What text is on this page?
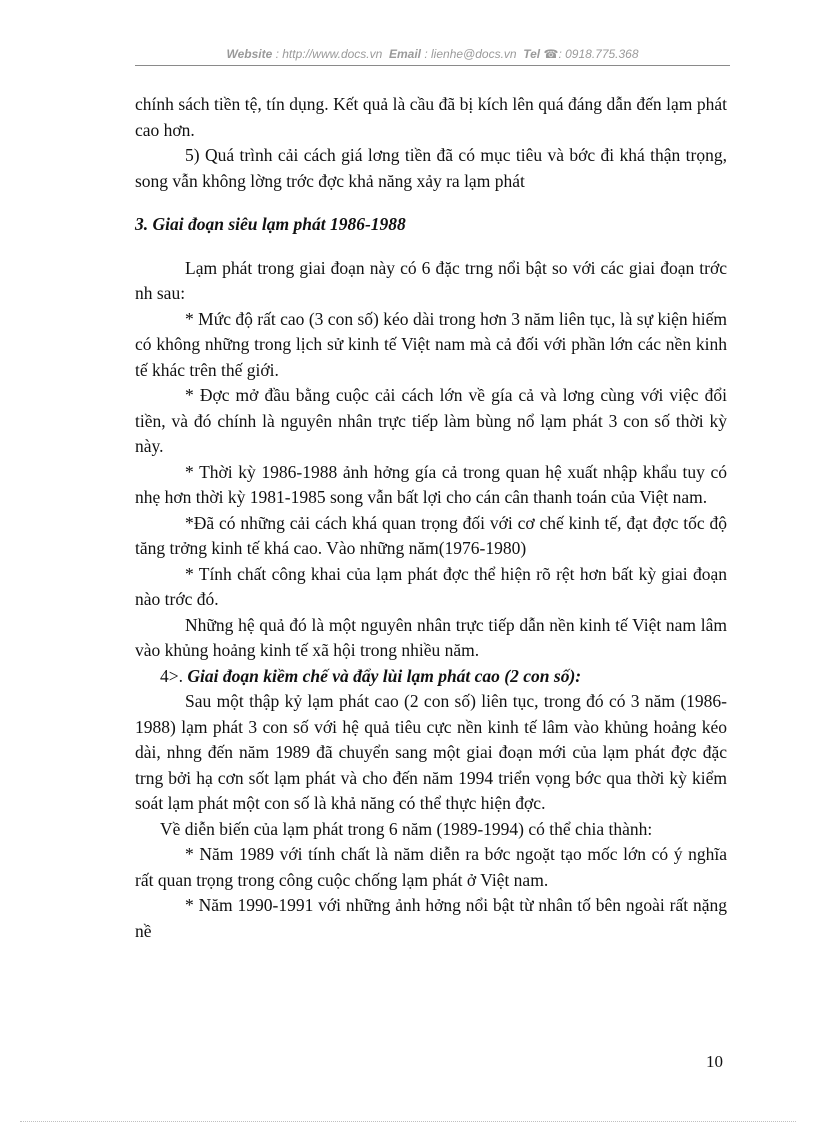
Website : http://www.docs.vn Email : lienhe@docs.vn Tel ☎: 0918.775.368

chính sách tiền tệ, tín dụng. Kết quả là cầu đã bị kích lên quá đáng dẫn đến lạm phát cao hơn.

5) Quá trình cải cách giá lơng tiền đã có mục tiêu và bớc đi khá thận trọng, song vẫn không lờng trớc đợc khả năng xảy ra lạm phát

3. Giai đoạn siêu lạm phát 1986-1988

Lạm phát trong giai đoạn này có 6 đặc trng nổi bật so với các giai đoạn trớc nh sau:

* Mức độ rất cao (3 con số) kéo dài trong hơn 3 năm liên tục, là sự kiện hiếm có không những trong lịch sử kinh tế Việt nam mà cả đối với phần lớn các nền kinh tế khác trên thế giới.

* Đợc mở đầu bằng cuộc cải cách lớn về gía cả và lơng cùng với việc đổi tiền, và đó chính là nguyên nhân trực tiếp làm bùng nổ lạm phát 3 con số thời kỳ này.

* Thời kỳ 1986-1988 ảnh hởng gía cả trong quan hệ xuất nhập khẩu tuy có nhẹ hơn thời kỳ 1981-1985 song vẫn bất lợi cho cán cân thanh toán của Việt nam.

*Đã có những cải cách khá quan trọng đối với cơ chế kinh tế, đạt đợc tốc độ tăng trởng kinh tế khá cao. Vào những năm(1976-1980)

* Tính chất công khai của lạm phát đợc thể hiện rõ rệt hơn bất kỳ giai đoạn nào trớc đó.

Những hệ quả đó là một nguyên nhân trực tiếp dẫn nền kinh tế Việt nam lâm vào khủng hoảng kinh tế xã hội trong nhiều năm.

4>. Giai đoạn kiềm chế và đẩy lùi lạm phát cao (2 con số):

Sau một thập kỷ lạm phát cao (2 con số) liên tục, trong đó có 3 năm (1986-1988) lạm phát 3 con số với hệ quả tiêu cực nền kinh tế lâm vào khủng hoảng kéo dài, nhng đến năm 1989 đã chuyển sang một giai đoạn mới của lạm phát đợc đặc trng bởi hạ cơn sốt lạm phát và cho đến năm 1994 triển vọng bớc qua thời kỳ kiểm soát lạm phát một con số là khả năng có thể thực hiện đợc.

Về diễn biến của lạm phát trong 6 năm (1989-1994) có thể chia thành:

* Năm 1989 với tính chất là năm diễn ra bớc ngoặt tạo mốc lớn có ý nghĩa rất quan trọng trong công cuộc chống lạm phát ở Việt nam.

* Năm 1990-1991 với những ảnh hởng nổi bật từ nhân tố bên ngoài rất nặng nề

10
